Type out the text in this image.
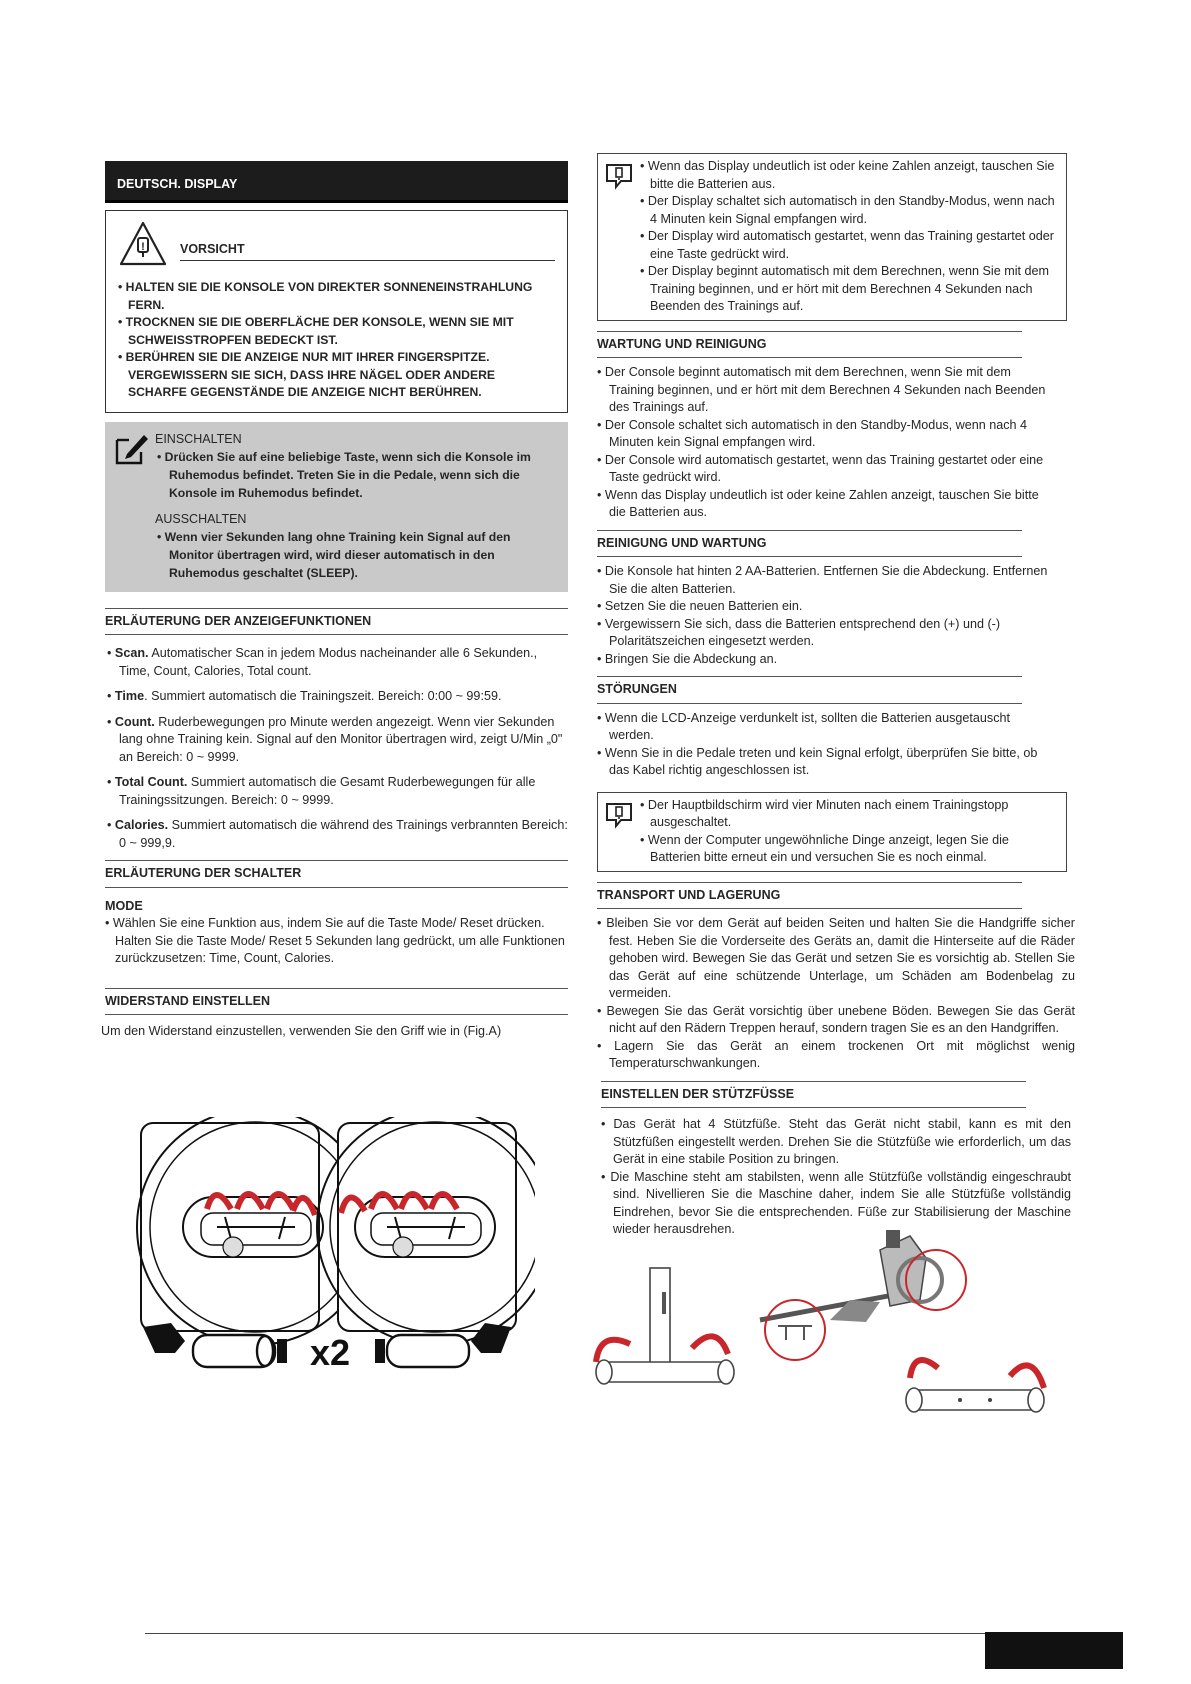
DEUTSCH. DISPLAY
!	VORSICHT
• HALTEN SIE DIE KONSOLE VON DIREKTER SONNENEINSTRAHLUNG FERN.
• TROCKNEN SIE DIE OBERFLÄCHE DER KONSOLE, WENN SIE MIT SCHWEISSTROPFEN BEDECKT IST.
• BERÜHREN SIE DIE ANZEIGE NUR MIT IHRER FINGERSPITZE. VERGEWISSERN SIE SICH, DASS IHRE NÄGEL ODER ANDERE SCHARFE GEGENSTÄNDE DIE ANZEIGE NICHT BERÜHREN.
EINSCHALTEN
• Drücken Sie auf eine beliebige Taste, wenn sich die Konsole im Ruhemodus befindet. Treten Sie in die Pedale, wenn sich die Konsole im Ruhemodus befindet.
AUSSCHALTEN
• Wenn vier Sekunden lang ohne Training kein Signal auf den Monitor übertragen wird, wird dieser automatisch in den Ruhemodus geschaltet (SLEEP).
ERLÄUTERUNG DER ANZEIGEFUNKTIONEN
• Scan. Automatischer Scan in jedem Modus nacheinander alle 6 Sekunden., Time, Count, Calories, Total count.
• Time. Summiert automatisch die Trainingszeit. Bereich: 0:00 ~ 99:59.
• Count. Ruderbewegungen pro Minute werden angezeigt. Wenn vier Sekunden lang ohne Training kein. Signal auf den Monitor übertragen wird, zeigt U/Min „0" an Bereich: 0 ~ 9999.
• Total Count. Summiert automatisch die Gesamt Ruderbewegungen für alle Trainingssitzungen. Bereich: 0 ~ 9999.
• Calories. Summiert automatisch die während des Trainings verbrannten Bereich: 0 ~ 999,9.
ERLÄUTERUNG DER SCHALTER
MODE
• Wählen Sie eine Funktion aus, indem Sie auf die Taste Mode/ Reset drücken. Halten Sie die Taste Mode/ Reset 5 Sekunden lang gedrückt, um alle Funktionen zurückzusetzen: Time, Count, Calories.
WIDERSTAND EINSTELLEN
Um den Widerstand einzustellen, verwenden Sie den Griff wie in (Fig.A)
x2
• Wenn das Display undeutlich ist oder keine Zahlen anzeigt, tauschen Sie bitte die Batterien aus.
• Der Display schaltet sich automatisch in den Standby-Modus, wenn nach 4 Minuten kein Signal empfangen wird.
• Der Display wird automatisch gestartet, wenn das Training gestartet oder eine Taste gedrückt wird.
• Der Display beginnt automatisch mit dem Berechnen, wenn Sie mit dem Training beginnen, und er hört mit dem Berechnen 4 Sekunden nach Beenden des Trainings auf.
WARTUNG UND REINIGUNG
• Der Console beginnt automatisch mit dem Berechnen, wenn Sie mit dem Training beginnen, und er hört mit dem Berechnen 4 Sekunden nach Beenden des Trainings auf.
• Der Console schaltet sich automatisch in den Standby-Modus, wenn nach 4 Minuten kein Signal empfangen wird.
• Der Console wird automatisch gestartet, wenn das Training gestartet oder eine Taste gedrückt wird.
• Wenn das Display undeutlich ist oder keine Zahlen anzeigt, tauschen Sie bitte die Batterien aus.
REINIGUNG UND WARTUNG
• Die Konsole hat hinten 2 AA-Batterien. Entfernen Sie die Abdeckung. Entfernen Sie die alten Batterien.
• Setzen Sie die neuen Batterien ein.
• Vergewissern Sie sich, dass die Batterien entsprechend den (+) und (-) Polaritätszeichen eingesetzt werden.
• Bringen Sie die Abdeckung an.
STÖRUNGEN
• Wenn die LCD-Anzeige verdunkelt ist, sollten die Batterien ausgetauscht werden.
• Wenn Sie in die Pedale treten und kein Signal erfolgt, überprüfen Sie bitte, ob das Kabel richtig angeschlossen ist.
• Der Hauptbildschirm wird vier Minuten nach einem Trainingstopp ausgeschaltet.
• Wenn der Computer ungewöhnliche Dinge anzeigt, legen Sie die Batterien bitte erneut ein und versuchen Sie es noch einmal.
TRANSPORT UND LAGERUNG
• Bleiben Sie vor dem Gerät auf beiden Seiten und halten Sie die Handgriffe sicher fest. Heben Sie die Vorderseite des Geräts an, damit die Hinterseite auf die Räder gehoben wird. Bewegen Sie das Gerät und setzen Sie es vorsichtig ab. Stellen Sie das Gerät auf eine schützende Unterlage, um Schäden am Bodenbelag zu vermeiden.
• Bewegen Sie das Gerät vorsichtig über unebene Böden. Bewegen Sie das Gerät nicht auf den Rädern Treppen herauf, sondern tragen Sie es an den Handgriffen.
• Lagern Sie das Gerät an einem trockenen Ort mit möglichst wenig Temperaturschwankungen.
EINSTELLEN DER STÜTZFÜSSE
• Das Gerät hat 4 Stützfüße. Steht das Gerät nicht stabil, kann es mit den Stützfüßen eingestellt werden. Drehen Sie die Stützfüße wie erforderlich, um das Gerät in eine stabile Position zu bringen.
• Die Maschine steht am stabilsten, wenn alle Stützfüße vollständig eingeschraubt sind. Nivellieren Sie die Maschine daher, indem Sie alle Stützfüße vollständig Eindrehen, bevor Sie die entsprechenden. Füße zur Stabilisierung der Maschine wieder herausdrehen.
